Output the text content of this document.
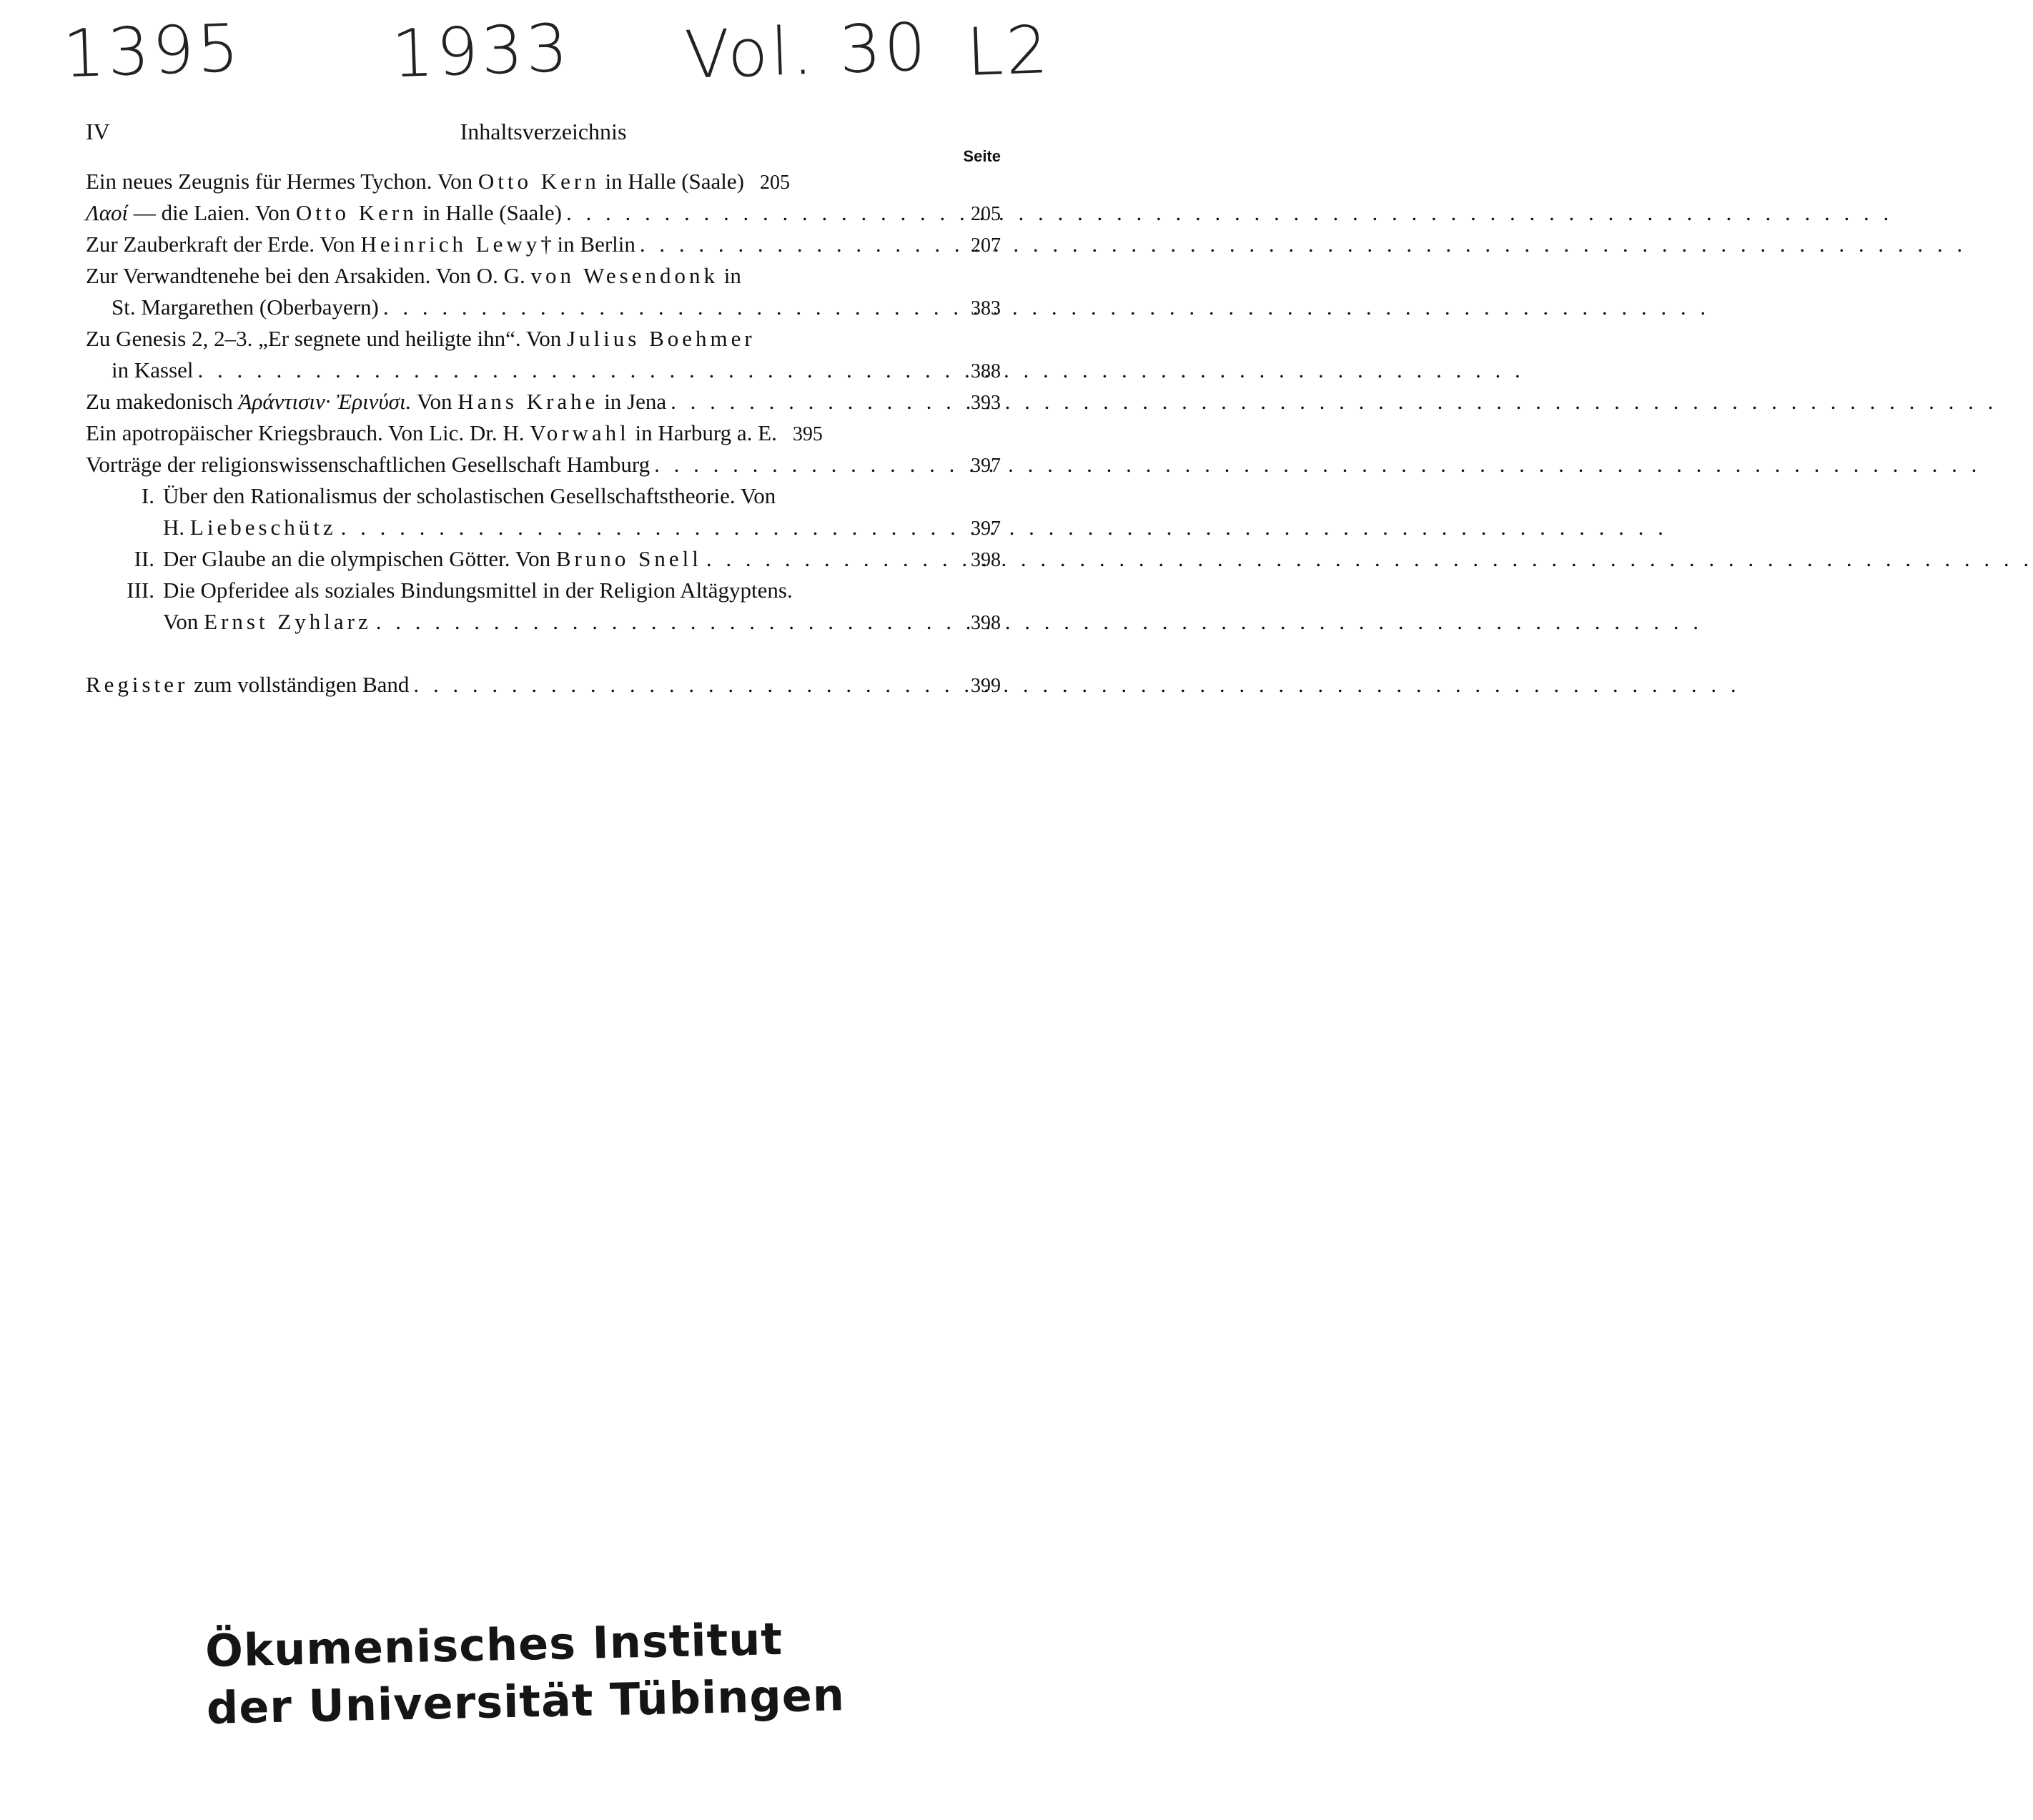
1395 1933 Vol. 30 L2
IV	Inhaltsverzeichnis
Seite
Ein neues Zeugnis für Hermes Tychon. Von Otto Kern in Halle (Saale) 205
Λαοί — die Laien. Von Otto Kern in Halle (Saale) . . .	205
Zur Zauberkraft der Erde. Von Heinrich Lewy† in Berlin . . .	207
Zur Verwandtenehe bei den Arsakiden. Von O. G. von Wesendonk in
St. Margarethen (Oberbayern) . . .	383
Zu Genesis 2, 2–3. „Er segnete und heiligte ihn“. Von Julius Boehmer
in Kassel . . .	388
Zu makedonisch Ἀράντισιν· Ἐρινύσι. Von Hans Krahe in Jena . . .	393
Ein apotropäischer Kriegsbrauch. Von Lic. Dr. H. Vorwahl in Harburg a. E. 395
Vorträge der religionswissenschaftlichen Gesellschaft Hamburg . . .	397
I. Über den Rationalismus der scholastischen Gesellschaftstheorie. Von
H. Liebeschütz . . .	397
II. Der Glaube an die olympischen Götter. Von Bruno Snell . . .	398
III. Die Opferidee als soziales Bindungsmittel in der Religion Altägyptens.
Von Ernst Zyhlarz . . .	398
Register zum vollständigen Band . . .	399
Ökumenisches Institut
der Universität Tübingen
